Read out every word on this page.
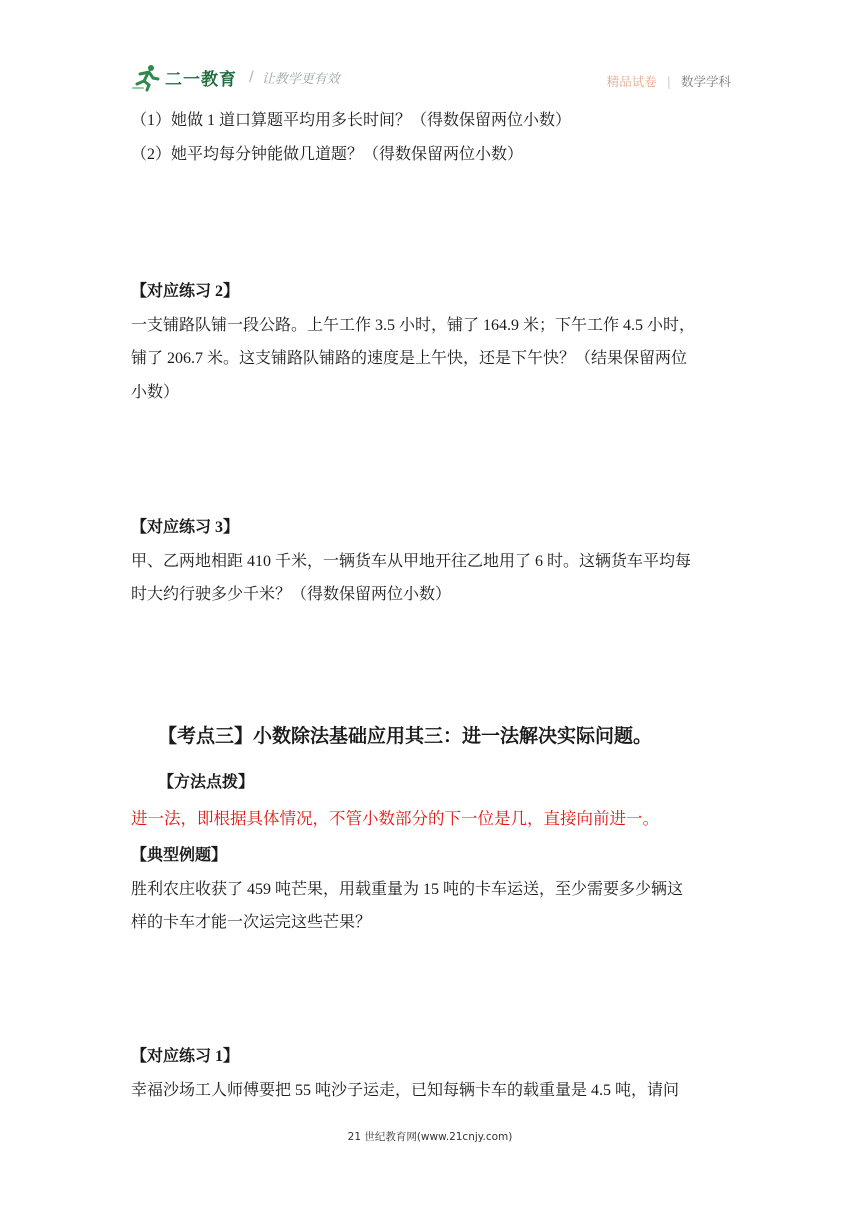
二一教育 / 让教学更有效	精品试卷 | 数学学科
（1）她做 1 道口算题平均用多长时间？（得数保留两位小数）
（2）她平均每分钟能做几道题？（得数保留两位小数）
【对应练习 2】
一支铺路队铺一段公路。上午工作 3.5 小时，铺了 164.9 米；下午工作 4.5 小时，
铺了 206.7 米。这支铺路队铺路的速度是上午快，还是下午快？（结果保留两位
小数）
【对应练习 3】
甲、乙两地相距 410 千米，一辆货车从甲地开往乙地用了 6 时。这辆货车平均每
时大约行驶多少千米？（得数保留两位小数）
【考点三】小数除法基础应用其三：进一法解决实际问题。
【方法点拨】
进一法，即根据具体情况，不管小数部分的下一位是几，直接向前进一。
【典型例题】
胜利农庄收获了 459 吨芒果，用载重量为 15 吨的卡车运送，至少需要多少辆这
样的卡车才能一次运完这些芒果？
【对应练习 1】
幸福沙场工人师傅要把 55 吨沙子运走，已知每辆卡车的载重量是 4.5 吨，请问
21 世纪教育网(www.21cnjy.com)
